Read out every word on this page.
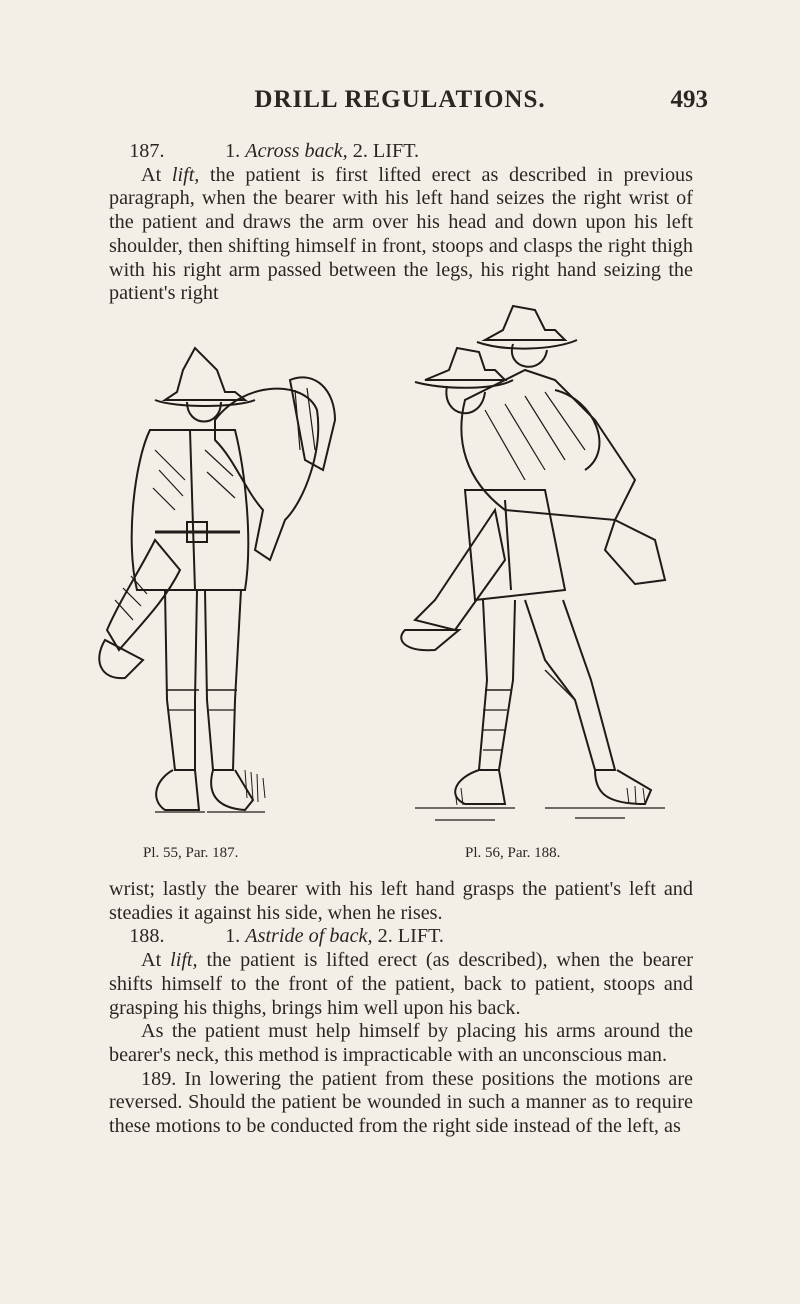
DRILL REGULATIONS.	493

187.	1. Across back, 2. LIFT.

At lift, the patient is first lifted erect as described in previous paragraph, when the bearer with his left hand seizes the right wrist of the patient and draws the arm over his head and down upon his left shoulder, then shifting himself in front, stoops and clasps the right thigh with his right arm passed between the legs, his right hand seizing the patient's right

Pl. 55, Par. 187.	Pl. 56, Par. 188.

wrist; lastly the bearer with his left hand grasps the patient's left and steadies it against his side, when he rises.

188.	1. Astride of back, 2. LIFT.

At lift, the patient is lifted erect (as described), when the bearer shifts himself to the front of the patient, back to patient, stoops and grasping his thighs, brings him well upon his back.

As the patient must help himself by placing his arms around the bearer's neck, this method is impracticable with an unconscious man.

189. In lowering the patient from these positions the motions are reversed. Should the patient be wounded in such a manner as to require these motions to be conducted from the right side instead of the left, as
